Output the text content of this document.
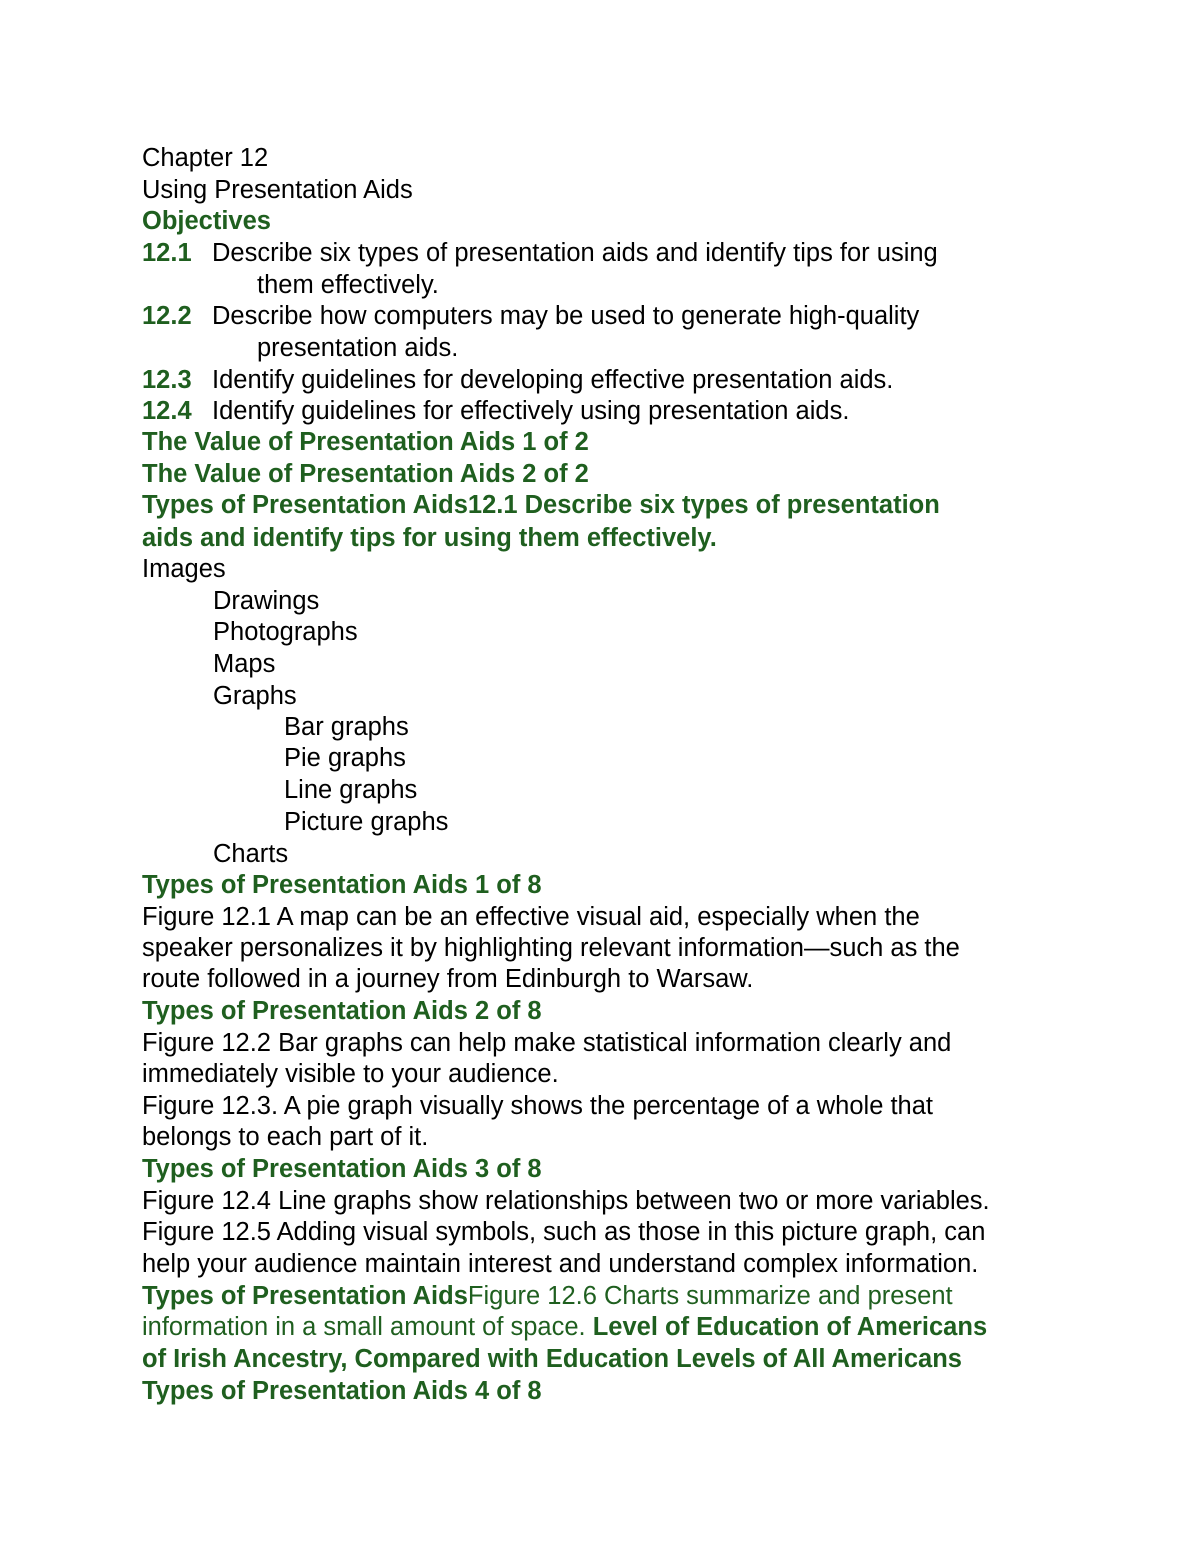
Chapter 12
Using Presentation Aids
Objectives
12.1 Describe six types of presentation aids and identify tips for using
them effectively.
12.2 Describe how computers may be used to generate high-quality
presentation aids.
12.3 Identify guidelines for developing effective presentation aids.
12.4 Identify guidelines for effectively using presentation aids.
The Value of Presentation Aids 1 of 2
The Value of Presentation Aids 2 of 2
Types of Presentation Aids12.1 Describe six types of presentation
aids and identify tips for using them effectively.
Images
Drawings
Photographs
Maps
Graphs
Bar graphs
Pie graphs
Line graphs
Picture graphs
Charts
Types of Presentation Aids 1 of 8
Figure 12.1 A map can be an effective visual aid, especially when the
speaker personalizes it by highlighting relevant information—such as the
route followed in a journey from Edinburgh to Warsaw.
Types of Presentation Aids 2 of 8
Figure 12.2 Bar graphs can help make statistical information clearly and
immediately visible to your audience.
Figure 12.3. A pie graph visually shows the percentage of a whole that
belongs to each part of it.
Types of Presentation Aids 3 of 8
Figure 12.4 Line graphs show relationships between two or more variables.
Figure 12.5 Adding visual symbols, such as those in this picture graph, can
help your audience maintain interest and understand complex information.
Types of Presentation AidsFigure 12.6 Charts summarize and present
information in a small amount of space. Level of Education of Americans
of Irish Ancestry, Compared with Education Levels of All Americans
Types of Presentation Aids 4 of 8
